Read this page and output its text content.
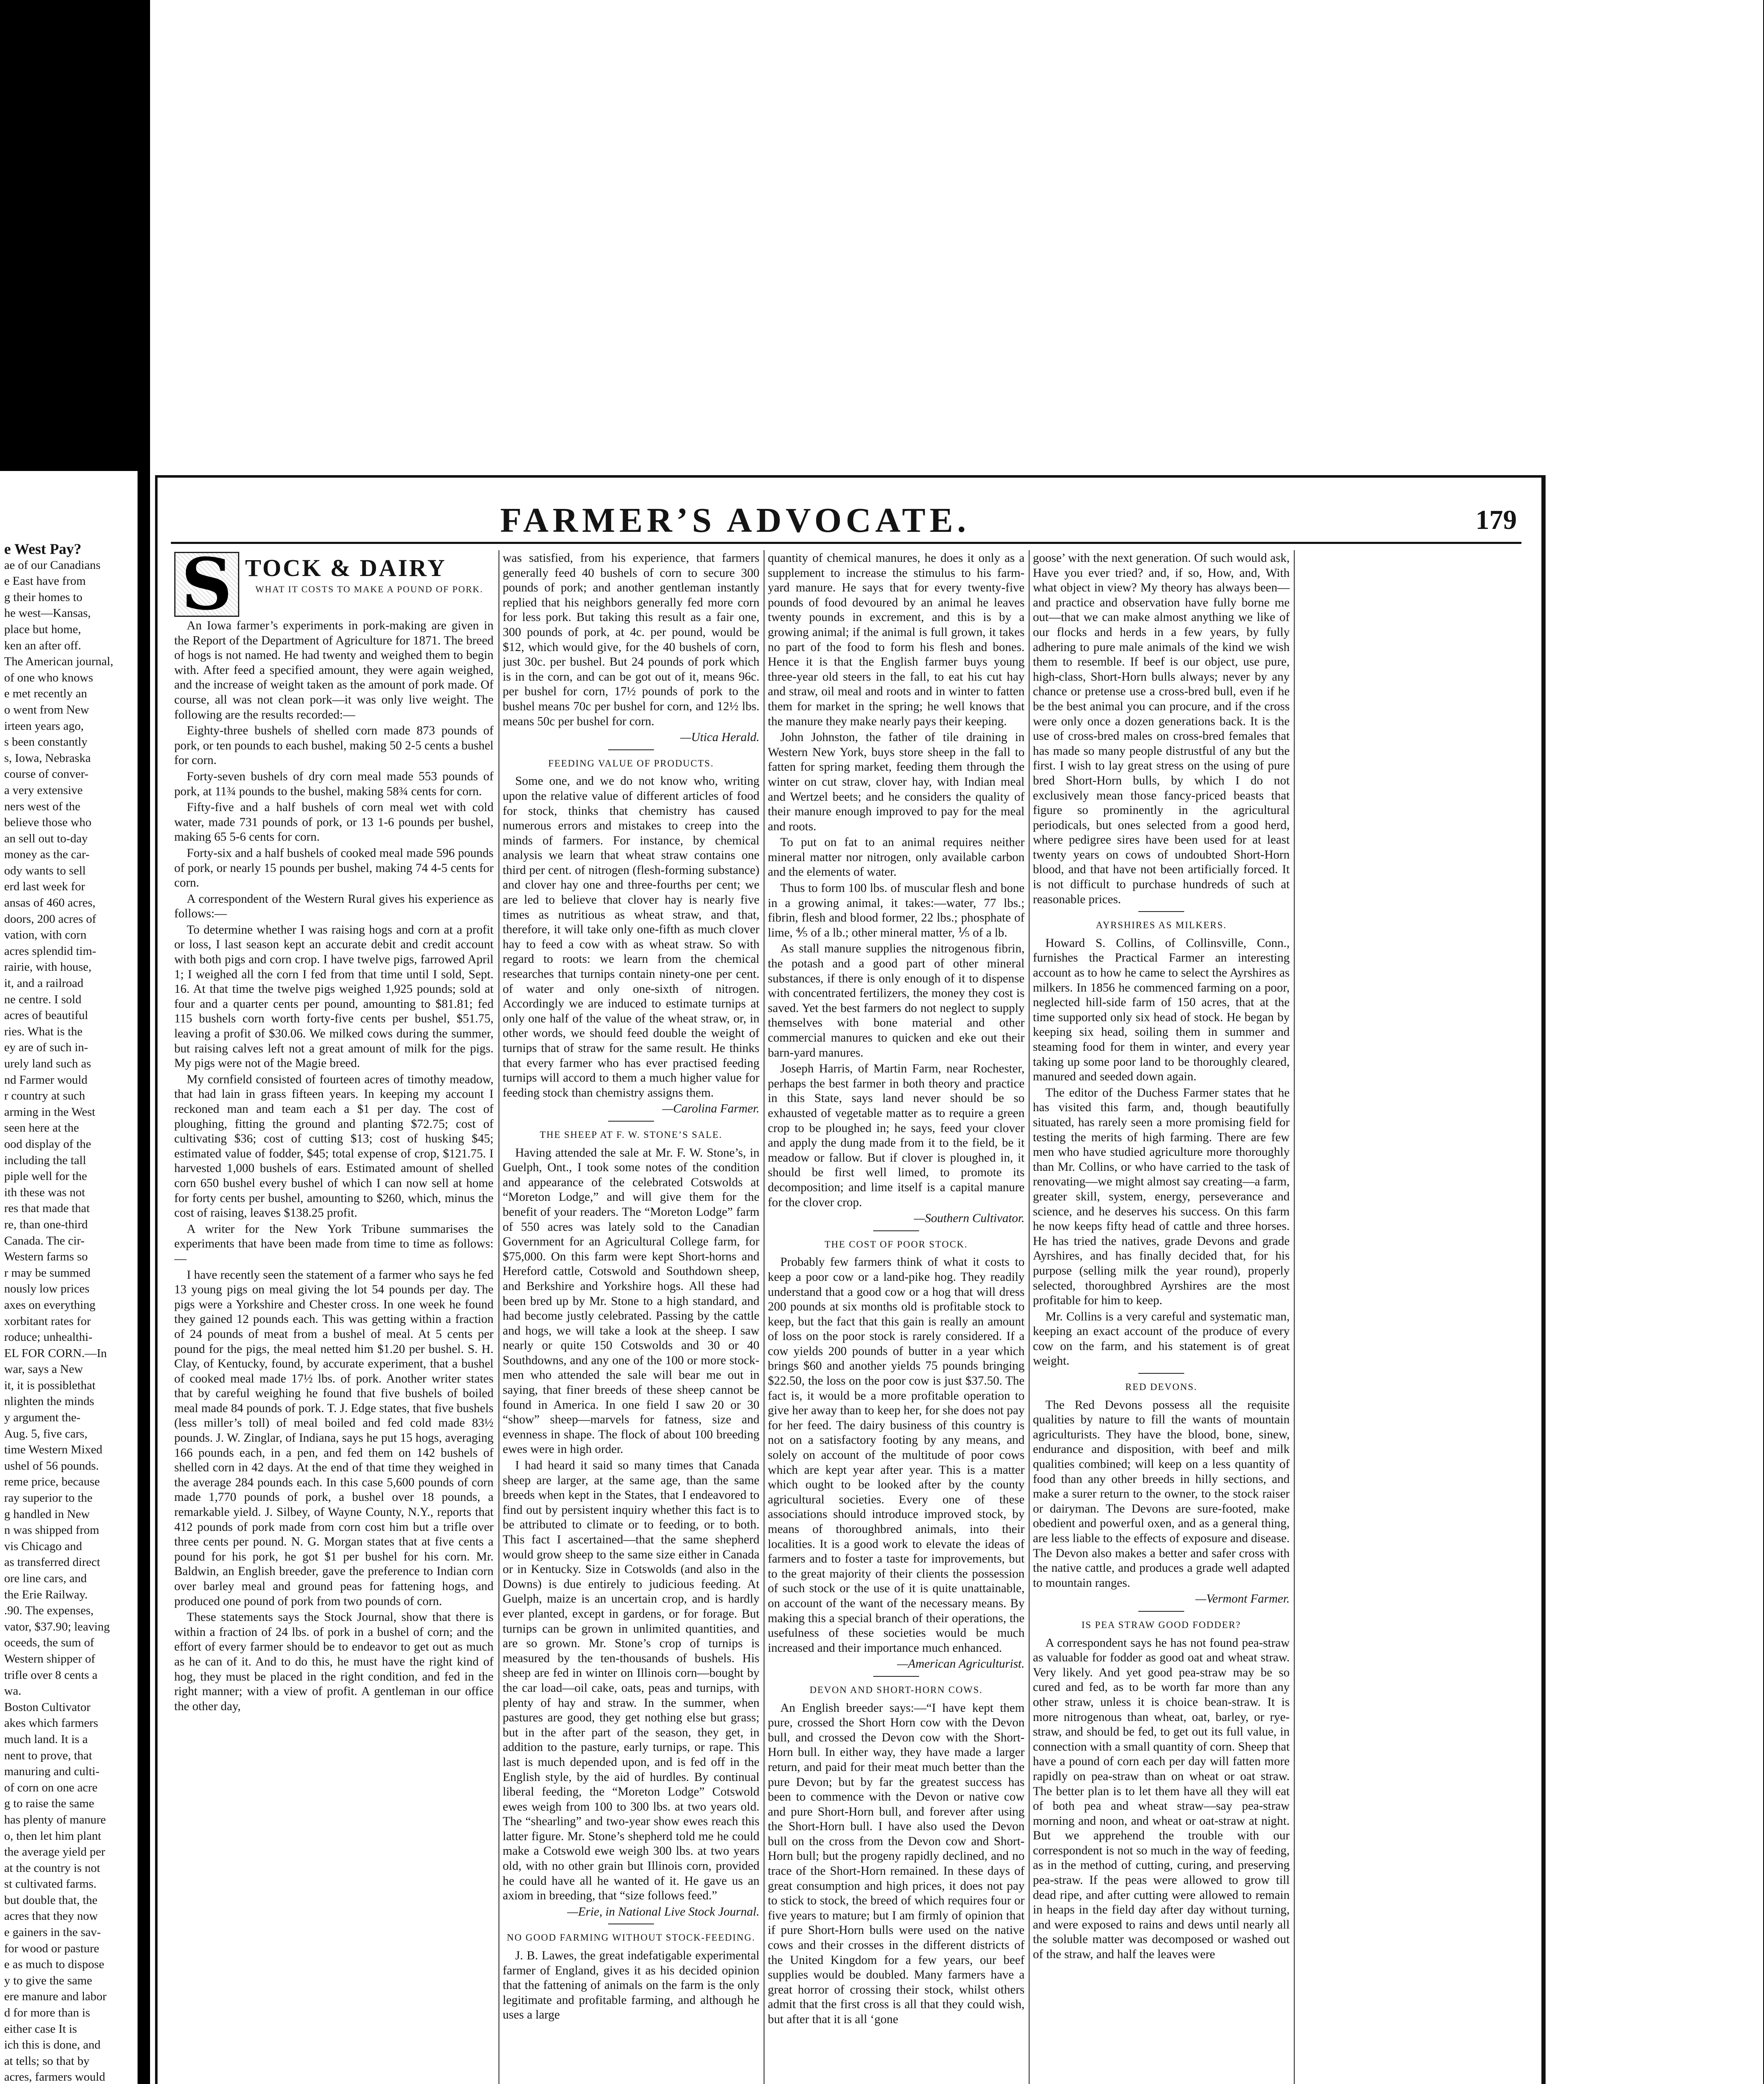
e West Pay?

ae of our Canadians

e East have from

g their homes to

he west—Kansas,

place but home,

ken an after off.

The American journal,

of one who knows

e met recently an

o went from New

irteen years ago,

s been constantly

s, Iowa, Nebraska

course of conver-

a very extensive

ners west of the

believe those who

an sell out to-day

money as the car-

ody wants to sell

erd last week for

ansas of 460 acres,

doors, 200 acres of

vation, with corn

acres splendid tim-

rairie, with house,

it, and a railroad

ne centre. I sold

acres of beautiful

ries. What is the

ey are of such in-

urely land such as

nd Farmer would

r country at such

arming in the West

seen here at the

ood display of the

including the tall

piple well for the

ith these was not

res that made that

re, than one-third

Canada. The cir-

Western farms so

r may be summed

nously low prices

axes on everything

xorbitant rates for

roduce; unhealthi-

EL FOR CORN.—In

war, says a New

it, it is possiblethat

nlighten the minds

y argument the-

Aug. 5, five cars,

time Western Mixed

ushel of 56 pounds.

reme price, because

ray superior to the

g handled in New

n was shipped from

vis Chicago and

as transferred direct

ore line cars, and

the Erie Railway.

.90. The expenses,

vator, $37.90; leaving

oceeds, the sum of

Western shipper of

trifle over 8 cents a

wa.

Boston Cultivator

akes which farmers

much land. It is a

nent to prove, that

manuring and culti-

of corn on one acre

g to raise the same

has plenty of manure

o, then let him plant

the average yield per

at the country is not

st cultivated farms.

but double that, the

acres that they now

e gainers in the sav-

for wood or pasture

e as much to dispose

y to give the same

ere manure and labor

d for more than is

either case It is

ich this is done, and

at tells; so that by

acres, farmers would

FARMER’S ADVOCATE.	179
S TOCK & DAIRY
WHAT IT COSTS TO MAKE A POUND OF PORK.

An Iowa farmer’s experiments in pork-making are given in the Report of the Department of Agriculture for 1871. The breed of hogs is not named. He had twenty and weighed them to begin with. After feed a specified amount, they were again weighed, and the increase of weight taken as the amount of pork made. Of course, all was not clean pork—it was only live weight. The following are the results recorded:—

Eighty-three bushels of shelled corn made 873 pounds of pork, or ten pounds to each bushel, making 50 2-5 cents a bushel for corn.

Forty-seven bushels of dry corn meal made 553 pounds of pork, at 11¾ pounds to the bushel, making 58¾ cents for corn.

Fifty-five and a half bushels of corn meal wet with cold water, made 731 pounds of pork, or 13 1-6 pounds per bushel, making 65 5-6 cents for corn.

Forty-six and a half bushels of cooked meal made 596 pounds of pork, or nearly 15 pounds per bushel, making 74 4-5 cents for corn.

A correspondent of the Western Rural gives his experience as follows:—

To determine whether I was raising hogs and corn at a profit or loss, I last season kept an accurate debit and credit account with both pigs and corn crop. I have twelve pigs, farrowed April 1; I weighed all the corn I fed from that time until I sold, Sept. 16. At that time the twelve pigs weighed 1,925 pounds; sold at four and a quarter cents per pound, amounting to $81.81; fed 115 bushels corn worth forty-five cents per bushel, $51.75, leaving a profit of $30.06. We milked cows during the summer, but raising calves left not a great amount of milk for the pigs. My pigs were not of the Magie breed.

My cornfield consisted of fourteen acres of timothy meadow, that had lain in grass fifteen years. In keeping my account I reckoned man and team each a $1 per day. The cost of ploughing, fitting the ground and planting $72.75; cost of cultivating $36; cost of cutting $13; cost of husking $45; estimated value of fodder, $45; total expense of crop, $121.75. I harvested 1,000 bushels of ears. Estimated amount of shelled corn 650 bushel every bushel of which I can now sell at home for forty cents per bushel, amounting to $260, which, minus the cost of raising, leaves $138.25 profit.

A writer for the New York Tribune summarises the experiments that have been made from time to time as follows:—

I have recently seen the statement of a farmer who says he fed 13 young pigs on meal giving the lot 54 pounds per day. The pigs were a Yorkshire and Chester cross. In one week he found they gained 12 pounds each. This was getting within a fraction of 24 pounds of meat from a bushel of meal. At 5 cents per pound for the pigs, the meal netted him $1.20 per bushel. S. H. Clay, of Kentucky, found, by accurate experiment, that a bushel of cooked meal made 17½ lbs. of pork. Another writer states that by careful weighing he found that five bushels of boiled meal made 84 pounds of pork. T. J. Edge states, that five bushels (less miller’s toll) of meal boiled and fed cold made 83½ pounds. J. W. Zinglar, of Indiana, says he put 15 hogs, averaging 166 pounds each, in a pen, and fed them on 142 bushels of shelled corn in 42 days. At the end of that time they weighed in the average 284 pounds each. In this case 5,600 pounds of corn made 1,770 pounds of pork, a bushel over 18 pounds, a remarkable yield. J. Silbey, of Wayne County, N.Y., reports that 412 pounds of pork made from corn cost him but a trifle over three cents per pound. N. G. Morgan states that at five cents a pound for his pork, he got $1 per bushel for his corn. Mr. Baldwin, an English breeder, gave the preference to Indian corn over barley meal and ground peas for fattening hogs, and produced one pound of pork from two pounds of corn.

These statements says the Stock Journal, show that there is within a fraction of 24 lbs. of pork in a bushel of corn; and the effort of every farmer should be to endeavor to get out as much as he can of it. And to do this, he must have the right kind of hog, they must be placed in the right condition, and fed in the right manner; with a view of profit. A gentleman in our office the other day,

was satisfied, from his experience, that farmers generally feed 40 bushels of corn to secure 300 pounds of pork; and another gentleman instantly replied that his neighbors generally fed more corn for less pork. But taking this result as a fair one, 300 pounds of pork, at 4c. per pound, would be $12, which would give, for the 40 bushels of corn, just 30c. per bushel. But 24 pounds of pork which is in the corn, and can be got out of it, means 96c. per bushel for corn, 17½ pounds of pork to the bushel means 70c per bushel for corn, and 12½ lbs. means 50c per bushel for corn.

—Utica Herald.

FEEDING VALUE OF PRODUCTS.

Some one, and we do not know who, writing upon the relative value of different articles of food for stock, thinks that chemistry has caused numerous errors and mistakes to creep into the minds of farmers. For instance, by chemical analysis we learn that wheat straw contains one third per cent. of nitrogen (flesh-forming substance) and clover hay one and three-fourths per cent; we are led to believe that clover hay is nearly five times as nutritious as wheat straw, and that, therefore, it will take only one-fifth as much clover hay to feed a cow with as wheat straw. So with regard to roots: we learn from the chemical researches that turnips contain ninety-one per cent. of water and only one-sixth of nitrogen. Accordingly we are induced to estimate turnips at only one half of the value of the wheat straw, or, in other words, we should feed double the weight of turnips that of straw for the same result. He thinks that every farmer who has ever practised feeding turnips will accord to them a much higher value for feeding stock than chemistry assigns them.

—Carolina Farmer.

THE SHEEP AT F. W. STONE’S SALE.

Having attended the sale at Mr. F. W. Stone’s, in Guelph, Ont., I took some notes of the condition and appearance of the celebrated Cotswolds at “Moreton Lodge,” and will give them for the benefit of your readers. The “Moreton Lodge” farm of 550 acres was lately sold to the Canadian Government for an Agricultural College farm, for $75,000. On this farm were kept Short-horns and Hereford cattle, Cotswold and Southdown sheep, and Berkshire and Yorkshire hogs. All these had been bred up by Mr. Stone to a high standard, and had become justly celebrated. Passing by the cattle and hogs, we will take a look at the sheep. I saw nearly or quite 150 Cotswolds and 30 or 40 Southdowns, and any one of the 100 or more stock-men who attended the sale will bear me out in saying, that finer breeds of these sheep cannot be found in America. In one field I saw 20 or 30 “show” sheep—marvels for fatness, size and evenness in shape. The flock of about 100 breeding ewes were in high order.

I had heard it said so many times that Canada sheep are larger, at the same age, than the same breeds when kept in the States, that I endeavored to find out by persistent inquiry whether this fact is to be attributed to climate or to feeding, or to both. This fact I ascertained—that the same shepherd would grow sheep to the same size either in Canada or in Kentucky. Size in Cotswolds (and also in the Downs) is due entirely to judicious feeding. At Guelph, maize is an uncertain crop, and is hardly ever planted, except in gardens, or for forage. But turnips can be grown in unlimited quantities, and are so grown. Mr. Stone’s crop of turnips is measured by the ten-thousands of bushels. His sheep are fed in winter on Illinois corn—bought by the car load—oil cake, oats, peas and turnips, with plenty of hay and straw. In the summer, when pastures are good, they get nothing else but grass; but in the after part of the season, they get, in addition to the pasture, early turnips, or rape. This last is much depended upon, and is fed off in the English style, by the aid of hurdles. By continual liberal feeding, the “Moreton Lodge” Cotswold ewes weigh from 100 to 300 lbs. at two years old. The “shearling” and two-year show ewes reach this latter figure. Mr. Stone’s shepherd told me he could make a Cotswold ewe weigh 300 lbs. at two years old, with no other grain but Illinois corn, provided he could have all he wanted of it. He gave us an axiom in breeding, that “size follows feed.”

—Erie, in National Live Stock Journal.

NO GOOD FARMING WITHOUT STOCK-FEEDING.

J. B. Lawes, the great indefatigable experimental farmer of England, gives it as his decided opinion that the fattening of animals on the farm is the only legitimate and profitable farming, and although he uses a large

quantity of chemical manures, he does it only as a supplement to increase the stimulus to his farm-yard manure. He says that for every twenty-five pounds of food devoured by an animal he leaves twenty pounds in excrement, and this is by a growing animal; if the animal is full grown, it takes no part of the food to form his flesh and bones. Hence it is that the English farmer buys young three-year old steers in the fall, to eat his cut hay and straw, oil meal and roots and in winter to fatten them for market in the spring; he well knows that the manure they make nearly pays their keeping.

John Johnston, the father of tile draining in Western New York, buys store sheep in the fall to fatten for spring market, feeding them through the winter on cut straw, clover hay, with Indian meal and Wertzel beets; and he considers the quality of their manure enough improved to pay for the meal and roots.

To put on fat to an animal requires neither mineral matter nor nitrogen, only available carbon and the elements of water.

Thus to form 100 lbs. of muscular flesh and bone in a growing animal, it takes:—water, 77 lbs.; fibrin, flesh and blood former, 22 lbs.; phosphate of lime, ⅘ of a lb.; other mineral matter, ⅕ of a lb.

As stall manure supplies the nitrogenous fibrin, the potash and a good part of other mineral substances, if there is only enough of it to dispense with concentrated fertilizers, the money they cost is saved. Yet the best farmers do not neglect to supply themselves with bone material and other commercial manures to quicken and eke out their barn-yard manures.

Joseph Harris, of Martin Farm, near Rochester, perhaps the best farmer in both theory and practice in this State, says land never should be so exhausted of vegetable matter as to require a green crop to be ploughed in; he says, feed your clover and apply the dung made from it to the field, be it meadow or fallow. But if clover is ploughed in, it should be first well limed, to promote its decomposition; and lime itself is a capital manure for the clover crop.

—Southern Cultivator.

THE COST OF POOR STOCK.

Probably few farmers think of what it costs to keep a poor cow or a land-pike hog. They readily understand that a good cow or a hog that will dress 200 pounds at six months old is profitable stock to keep, but the fact that this gain is really an amount of loss on the poor stock is rarely considered. If a cow yields 200 pounds of butter in a year which brings $60 and another yields 75 pounds bringing $22.50, the loss on the poor cow is just $37.50. The fact is, it would be a more profitable operation to give her away than to keep her, for she does not pay for her feed. The dairy business of this country is not on a satisfactory footing by any means, and solely on account of the multitude of poor cows which are kept year after year. This is a matter which ought to be looked after by the county agricultural societies. Every one of these associations should introduce improved stock, by means of thoroughbred animals, into their localities. It is a good work to elevate the ideas of farmers and to foster a taste for improvements, but to the great majority of their clients the possession of such stock or the use of it is quite unattainable, on account of the want of the necessary means. By making this a special branch of their operations, the usefulness of these societies would be much increased and their importance much enhanced.

—American Agriculturist.

DEVON AND SHORT-HORN COWS.

An English breeder says:—“I have kept them pure, crossed the Short Horn cow with the Devon bull, and crossed the Devon cow with the Short-Horn bull. In either way, they have made a larger return, and paid for their meat much better than the pure Devon; but by far the greatest success has been to commence with the Devon or native cow and pure Short-Horn bull, and forever after using the Short-Horn bull. I have also used the Devon bull on the cross from the Devon cow and Short-Horn bull; but the progeny rapidly declined, and no trace of the Short-Horn remained. In these days of great consumption and high prices, it does not pay to stick to stock, the breed of which requires four or five years to mature; but I am firmly of opinion that if pure Short-Horn bulls were used on the native cows and their crosses in the different districts of the United Kingdom for a few years, our beef supplies would be doubled. Many farmers have a great horror of crossing their stock, whilst others admit that the first cross is all that they could wish, but after that it is all ‘gone

goose’ with the next generation. Of such would ask, Have you ever tried? and, if so, How, and, With what object in view? My theory has always been—and practice and observation have fully borne me out—that we can make almost anything we like of our flocks and herds in a few years, by fully adhering to pure male animals of the kind we wish them to resemble. If beef is our object, use pure, high-class, Short-Horn bulls always; never by any chance or pretense use a cross-bred bull, even if he be the best animal you can procure, and if the cross were only once a dozen generations back. It is the use of cross-bred males on cross-bred females that has made so many people distrustful of any but the first. I wish to lay great stress on the using of pure bred Short-Horn bulls, by which I do not exclusively mean those fancy-priced beasts that figure so prominently in the agricultural periodicals, but ones selected from a good herd, where pedigree sires have been used for at least twenty years on cows of undoubted Short-Horn blood, and that have not been artificially forced. It is not difficult to purchase hundreds of such at reasonable prices.

AYRSHIRES AS MILKERS.

Howard S. Collins, of Collinsville, Conn., furnishes the Practical Farmer an interesting account as to how he came to select the Ayrshires as milkers. In 1856 he commenced farming on a poor, neglected hill-side farm of 150 acres, that at the time supported only six head of stock. He began by keeping six head, soiling them in summer and steaming food for them in winter, and every year taking up some poor land to be thoroughly cleared, manured and seeded down again.

The editor of the Duchess Farmer states that he has visited this farm, and, though beautifully situated, has rarely seen a more promising field for testing the merits of high farming. There are few men who have studied agriculture more thoroughly than Mr. Collins, or who have carried to the task of renovating—we might almost say creating—a farm, greater skill, system, energy, perseverance and science, and he deserves his success. On this farm he now keeps fifty head of cattle and three horses. He has tried the natives, grade Devons and grade Ayrshires, and has finally decided that, for his purpose (selling milk the year round), properly selected, thoroughbred Ayrshires are the most profitable for him to keep.

Mr. Collins is a very careful and systematic man, keeping an exact account of the produce of every cow on the farm, and his statement is of great weight.

RED DEVONS.

The Red Devons possess all the requisite qualities by nature to fill the wants of mountain agriculturists. They have the blood, bone, sinew, endurance and disposition, with beef and milk qualities combined; will keep on a less quantity of food than any other breeds in hilly sections, and make a surer return to the owner, to the stock raiser or dairyman. The Devons are sure-footed, make obedient and powerful oxen, and as a general thing, are less liable to the effects of exposure and disease. The Devon also makes a better and safer cross with the native cattle, and produces a grade well adapted to mountain ranges.

—Vermont Farmer.

IS PEA STRAW GOOD FODDER?

A correspondent says he has not found pea-straw as valuable for fodder as good oat and wheat straw. Very likely. And yet good pea-straw may be so cured and fed, as to be worth far more than any other straw, unless it is choice bean-straw. It is more nitrogenous than wheat, oat, barley, or rye-straw, and should be fed, to get out its full value, in connection with a small quantity of corn. Sheep that have a pound of corn each per day will fatten more rapidly on pea-straw than on wheat or oat straw. The better plan is to let them have all they will eat of both pea and wheat straw—say pea-straw morning and noon, and wheat or oat-straw at night. But we apprehend the trouble with our correspondent is not so much in the way of feeding, as in the method of cutting, curing, and preserving pea-straw. If the peas were allowed to grow till dead ripe, and after cutting were allowed to remain in heaps in the field day after day without turning, and were exposed to rains and dews until nearly all the soluble matter was decomposed or washed out of the straw, and half the leaves were
